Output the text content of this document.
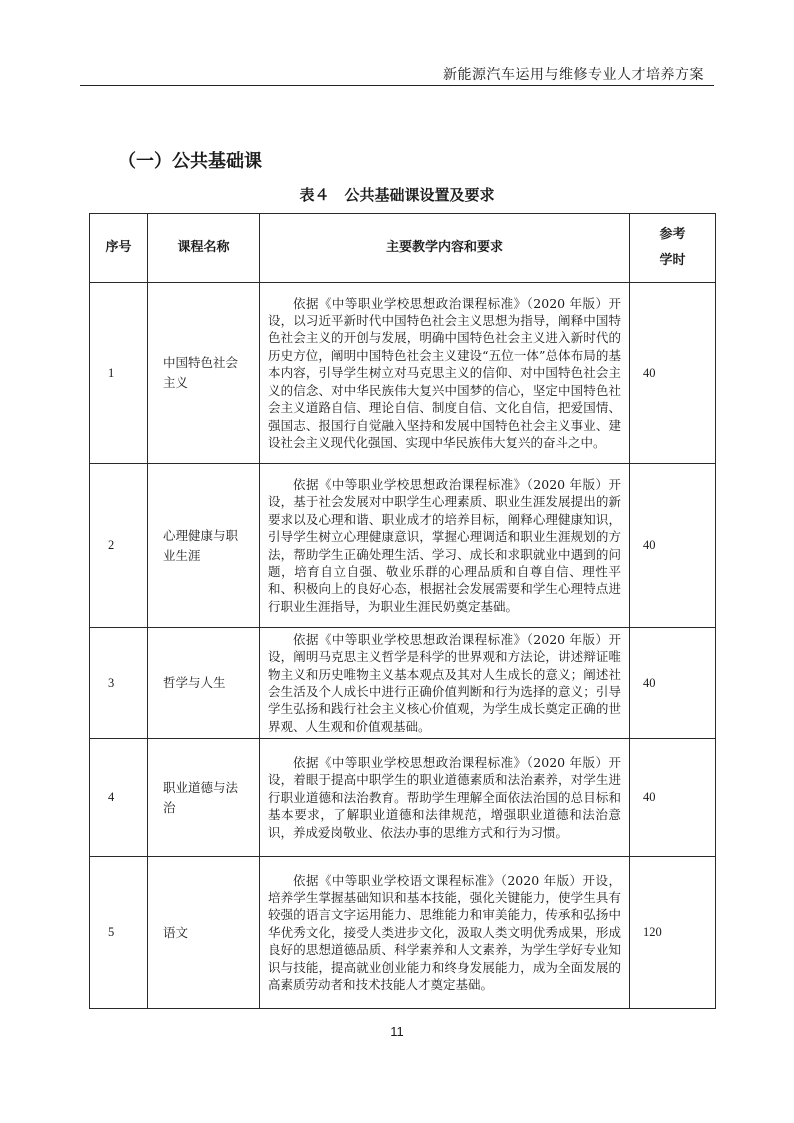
新能源汽车运用与维修专业人才培养方案
（一）公共基础课
表４　公共基础课设置及要求
序号	课程名称	主要教学内容和要求	参考
学时

1	中国特色社会主义	依据《中等职业学校思想政治课程标准》（2020 年版）开设，以习近平新时代中国特色社会主义思想为指导，阐释中国特色社会主义的开创与发展，明确中国特色社会主义进入新时代的历史方位，阐明中国特色社会主义建设“五位一体”总体布局的基本内容，引导学生树立对马克思主义的信仰、对中国特色社会主义的信念、对中华民族伟大复兴中国梦的信心，坚定中国特色社会主义道路自信、理论自信、制度自信、文化自信，把爱国情、强国志、报国行自觉融入坚持和发展中国特色社会主义事业、建设社会主义现代化强国、实现中华民族伟大复兴的奋斗之中。	40
2	心理健康与职业生涯	依据《中等职业学校思想政治课程标准》（2020 年版）开设，基于社会发展对中职学生心理素质、职业生涯发展提出的新要求以及心理和谐、职业成才的培养目标，阐释心理健康知识，引导学生树立心理健康意识，掌握心理调适和职业生涯规划的方法，帮助学生正确处理生活、学习、成长和求职就业中遇到的问题，培育自立自强、敬业乐群的心理品质和自尊自信、理性平和、积极向上的良好心态，根据社会发展需要和学生心理特点进行职业生涯指导，为职业生涯民奶奠定基础。	40
3	哲学与人生	依据《中等职业学校思想政治课程标准》（2020 年版）开设，阐明马克思主义哲学是科学的世界观和方法论，讲述辩证唯物主义和历史唯物主义基本观点及其对人生成长的意义；阐述社会生活及个人成长中进行正确价值判断和行为选择的意义；引导学生弘扬和践行社会主义核心价值观，为学生成长奠定正确的世界观、人生观和价值观基础。	40
4	职业道德与法治	依据《中等职业学校思想政治课程标准》（2020 年版）开设，着眼于提高中职学生的职业道德素质和法治素养，对学生进行职业道德和法治教育。帮助学生理解全面依法治国的总目标和基本要求，了解职业道德和法律规范，增强职业道德和法治意识，养成爱岗敬业、依法办事的思维方式和行为习惯。	40
5	语文	依据《中等职业学校语文课程标准》（2020 年版）开设，培养学生掌握基础知识和基本技能，强化关键能力，使学生具有较强的语言文字运用能力、思维能力和审美能力，传承和弘扬中华优秀文化，接受人类进步文化，汲取人类文明优秀成果，形成良好的思想道德品质、科学素养和人文素养，为学生学好专业知识与技能，提高就业创业能力和终身发展能力，成为全面发展的高素质劳动者和技术技能人才奠定基础。	120
11
